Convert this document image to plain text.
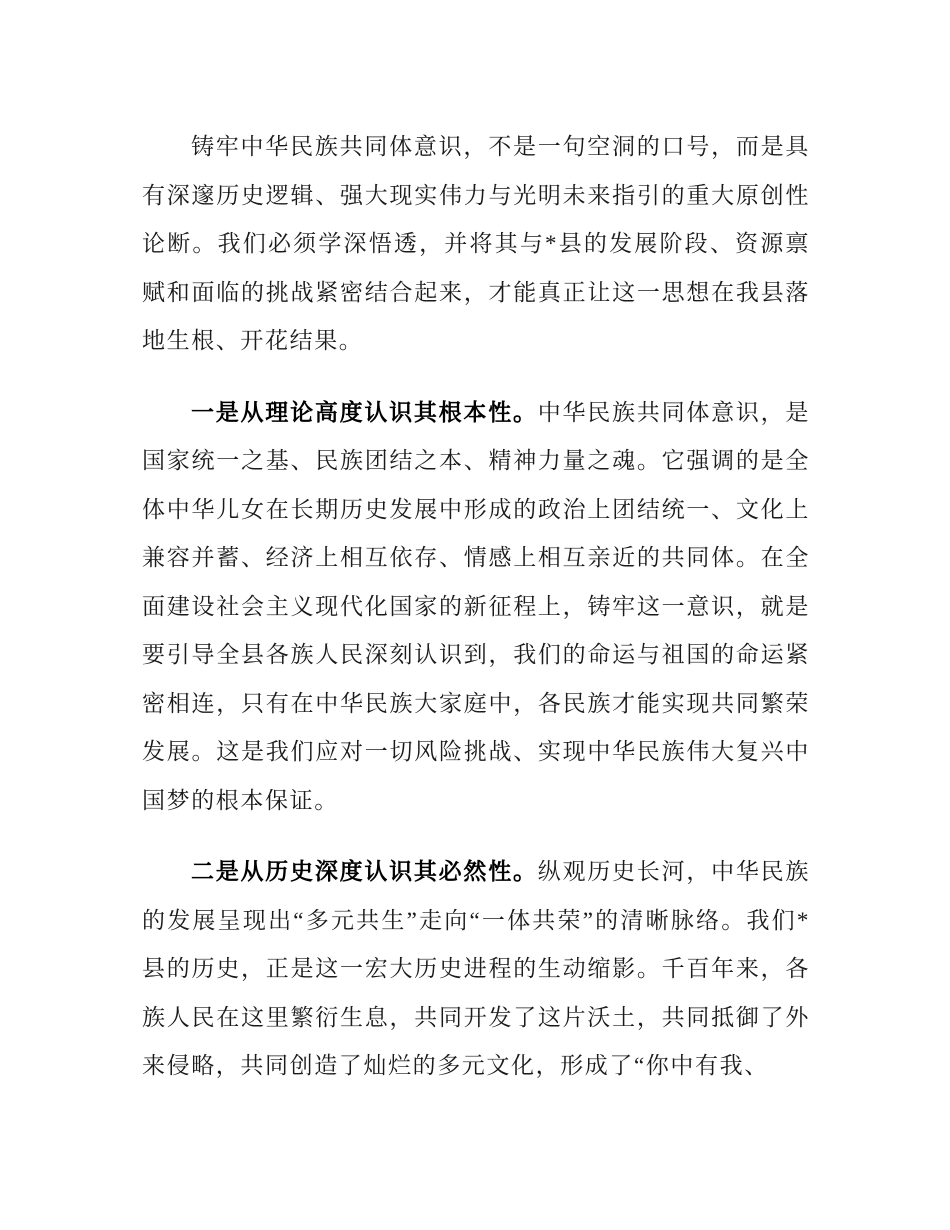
铸牢中华民族共同体意识，不是一句空洞的口号，而是具有深邃历史逻辑、强大现实伟力与光明未来指引的重大原创性论断。我们必须学深悟透，并将其与*县的发展阶段、资源禀赋和面临的挑战紧密结合起来，才能真正让这一思想在我县落地生根、开花结果。

一是从理论高度认识其根本性。中华民族共同体意识，是国家统一之基、民族团结之本、精神力量之魂。它强调的是全体中华儿女在长期历史发展中形成的政治上团结统一、文化上兼容并蓄、经济上相互依存、情感上相互亲近的共同体。在全面建设社会主义现代化国家的新征程上，铸牢这一意识，就是要引导全县各族人民深刻认识到，我们的命运与祖国的命运紧密相连，只有在中华民族大家庭中，各民族才能实现共同繁荣发展。这是我们应对一切风险挑战、实现中华民族伟大复兴中国梦的根本保证。

二是从历史深度认识其必然性。纵观历史长河，中华民族的发展呈现出“多元共生”走向“一体共荣”的清晰脉络。我们*县的历史，正是这一宏大历史进程的生动缩影。千百年来，各族人民在这里繁衍生息，共同开发了这片沃土，共同抵御了外来侵略，共同创造了灿烂的多元文化，形成了“你中有我、
